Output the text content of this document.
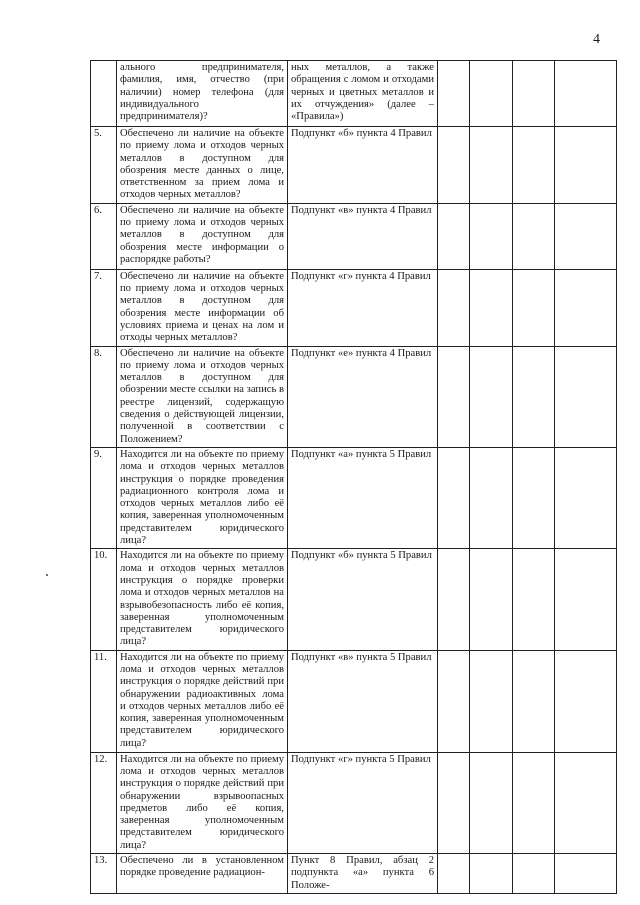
4
	ального предпринимателя, фамилия, имя, отчество (при наличии) номер телефона (для индивидуального предпринимателя)?	ных металлов, а также обращения с ломом и отходами черных и цветных металлов и их отчуждения» (далее – «Правила»)				
5.	Обеспечено ли наличие на объекте по приему лома и отходов черных металлов в доступном для обозрения месте данных о лице, ответственном за прием лома и отходов черных металлов?	Подпункт «б» пункта 4 Правил				
6.	Обеспечено ли наличие на объекте по приему лома и отходов черных металлов в доступном для обозрения месте информации о распорядке работы?	Подпункт «в» пункта 4 Правил				
7.	Обеспечено ли наличие на объекте по приему лома и отходов черных металлов в доступном для обозрения месте информации об условиях приема и ценах на лом и отходы черных металлов?	Подпункт «г» пункта 4 Правил				
8.	Обеспечено ли наличие на объекте по приему лома и отходов черных металлов в доступном для обозрении месте ссылки на запись в реестре лицензий, содержащую сведения о действующей лицензии, полученной в соответствии с Положением?	Подпункт «е» пункта 4 Правил				
9.	Находится ли на объекте по приему лома и отходов черных металлов инструкция о порядке проведения радиационного контроля лома и отходов черных металлов либо её копия, заверенная уполномоченным представителем юридического лица?	Подпункт «а» пункта 5 Правил				
10.	Находится ли на объекте по приему лома и отходов черных металлов инструкция о порядке проверки лома и отходов черных металлов на взрывобезопасность либо её копия, заверенная уполномоченным представителем юридического лица?	Подпункт «б» пункта 5 Правил				
11.	Находится ли на объекте по приему лома и отходов черных металлов инструкция о порядке действий при обнаружении радиоактивных лома и отходов черных металлов либо её копия, заверенная уполномоченным представителем юридического лица?	Подпункт «в» пункта 5 Правил				
12.	Находится ли на объекте по приему лома и отходов черных металлов инструкция о порядке действий при обнаружении взрывоопасных предметов либо её копия, заверенная уполномоченным представителем юридического лица?	Подпункт «г» пункта 5 Правил				
13.	Обеспечено ли в установленном порядке проведение радиацион-	Пункт 8 Правил, абзац 2 подпункта «а» пункта 6 Положе-				
